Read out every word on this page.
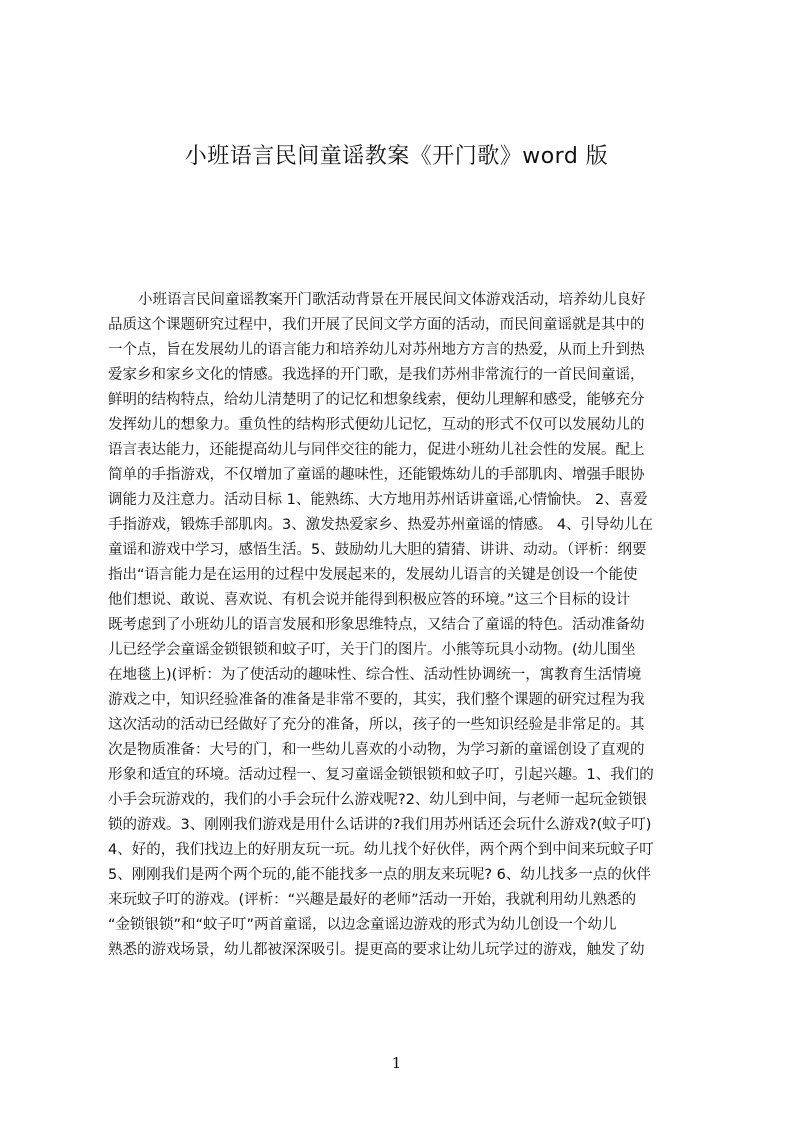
小班语言民间童谣教案《开门歌》word 版
小班语言民间童谣教案开门歌活动背景在开展民间文体游戏活动，培养幼儿良好
品质这个课题研究过程中，我们开展了民间文学方面的活动，而民间童谣就是其中的
一个点，旨在发展幼儿的语言能力和培养幼儿对苏州地方方言的热爱，从而上升到热
爱家乡和家乡文化的情感。我选择的开门歌，是我们苏州非常流行的一首民间童谣，
鲜明的结构特点，给幼儿清楚明了的记忆和想象线索，便幼儿理解和感受，能够充分
发挥幼儿的想象力。重负性的结构形式便幼儿记忆，互动的形式不仅可以发展幼儿的
语言表达能力，还能提高幼儿与同伴交往的能力，促进小班幼儿社会性的发展。配上
简单的手指游戏，不仅增加了童谣的趣味性，还能锻炼幼儿的手部肌肉、增强手眼协
调能力及注意力。活动目标 1、能熟练、大方地用苏州话讲童谣,心情愉快。 2、喜爱
手指游戏，锻炼手部肌肉。3、激发热爱家乡、热爱苏州童谣的情感。 4、引导幼儿在
童谣和游戏中学习，感悟生活。5、鼓励幼儿大胆的猜猜、讲讲、动动。（评析：纲要
指出“语言能力是在运用的过程中发展起来的，发展幼儿语言的关键是创设一个能使
他们想说、敢说、喜欢说、有机会说并能得到积极应答的环境。”这三个目标的设计
既考虑到了小班幼儿的语言发展和形象思维特点，又结合了童谣的特色。活动准备幼
儿已经学会童谣金锁银锁和蚊子叮，关于门的图片。小熊等玩具小动物。(幼儿围坐
在地毯上)(评析：为了使活动的趣味性、综合性、活动性协调统一，寓教育生活情境
游戏之中，知识经验准备的准备是非常不要的，其实，我们整个课题的研究过程为我
这次活动的活动已经做好了充分的准备，所以，孩子的一些知识经验是非常足的。其
次是物质准备：大号的门，和一些幼儿喜欢的小动物，为学习新的童谣创设了直观的
形象和适宜的环境。活动过程一、复习童谣金锁银锁和蚊子叮，引起兴趣。1、我们的
小手会玩游戏的，我们的小手会玩什么游戏呢?2、幼儿到中间，与老师一起玩金锁银
锁的游戏。3、刚刚我们游戏是用什么话讲的?我们用苏州话还会玩什么游戏?(蚊子叮)
4、好的，我们找边上的好朋友玩一玩。幼儿找个好伙伴，两个两个到中间来玩蚊子叮
5、刚刚我们是两个两个玩的,能不能找多一点的朋友来玩呢? 6、幼儿找多一点的伙伴
来玩蚊子叮的游戏。(评析：“兴趣是最好的老师”活动一开始，我就利用幼儿熟悉的
“金锁银锁”和“蚊子叮”两首童谣，以边念童谣边游戏的形式为幼儿创设一个幼儿
熟悉的游戏场景，幼儿都被深深吸引。提更高的要求让幼儿玩学过的游戏，触发了幼
1
